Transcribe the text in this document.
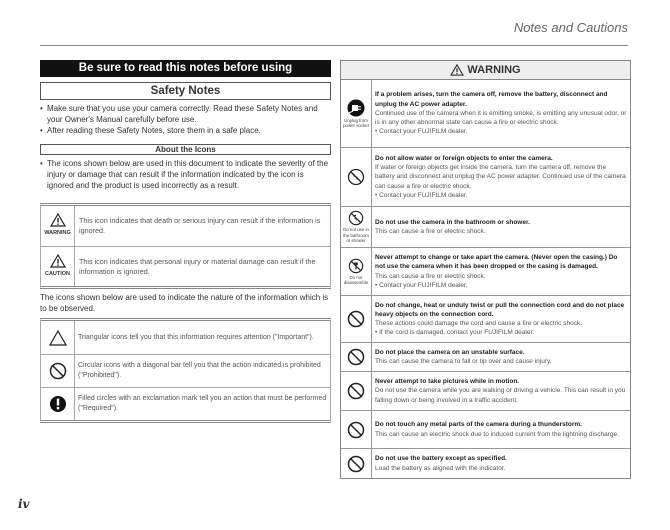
Notes and Cautions
Be sure to read this notes before using
Safety Notes
• Make sure that you use your camera correctly. Read these Safety Notes and your Owner's Manual carefully before use.
• After reading these Safety Notes, store them in a safe place.
About the Icons
• The icons shown below are used in this document to indicate the severity of the injury or damage that can result if the information indicated by the icon is ignored and the product is used incorrectly as a result.
WARNING
This icon indicates that death or serious injury can result if the information is ignored.
CAUTION
This icon indicates that personal injury or material damage can result if the information is ignored.
The icons shown below are used to indicate the nature of the information which is to be observed.
Triangular icons tell you that this information requires attention ("Important").
Circular icons with a diagonal bar tell you that the action indicated is prohibited ("Prohibited").
Filled circles with an exclamation mark tell you an action that must be performed ("Required").
WARNING
Unplug from power socket
If a problem arises, turn the camera off, remove the battery, disconnect and unplug the AC power adapter.
Continued use of the camera when it is emitting smoke, is emitting any unusual odor, or is in any other abnormal state can cause a fire or electric shock.
• Contact your FUJIFILM dealer.
Do not allow water or foreign objects to enter the camera.
If water or foreign objects get inside the camera, turn the camera off, remove the battery and disconnect and unplug the AC power adapter. Continued use of the camera can cause a fire or electric shock.
• Contact your FUJIFILM dealer.
Do not use in the bathroom or shower
Do not use the camera in the bathroom or shower.
This can cause a fire or electric shock.
Do not disassemble
Never attempt to change or take apart the camera. (Never open the casing.) Do not use the camera when it has been dropped or the casing is damaged.
This can cause a fire or electric shock.
• Contact your FUJIFILM dealer.
Do not change, heat or unduly twist or pull the connection cord and do not place heavy objects on the connection cord.
These actions could damage the cord and cause a fire or electric shock.
• If the cord is damaged, contact your FUJIFILM dealer.
Do not place the camera on an unstable surface.
This can cause the camera to fall or tip over and cause injury.
Never attempt to take pictures while in motion.
Do not use the camera while you are walking or driving a vehicle. This can result in you falling down or being involved in a traffic accident.
Do not touch any metal parts of the camera during a thunderstorm.
This can cause an electric shock due to induced current from the lightning discharge.
Do not use the battery except as specified.
Load the battery as aligned with the indicator.
iv
